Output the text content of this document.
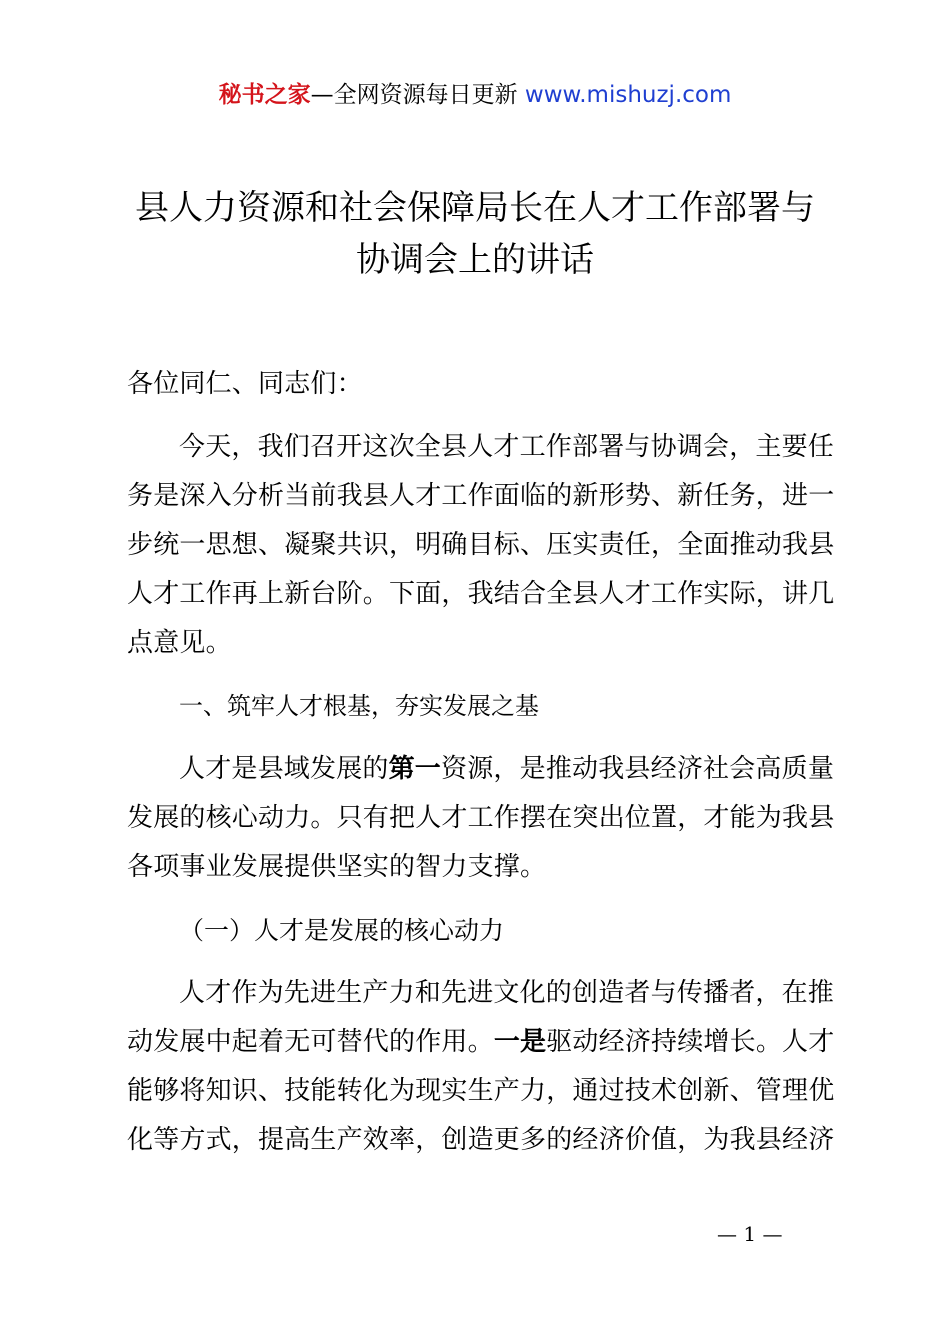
秘书之家—全网资源每日更新 www.mishuzj.com
县人力资源和社会保障局长在人才工作部署与
协调会上的讲话

各位同仁、同志们：

今天，我们召开这次全县人才工作部署与协调会，主要任务是深入分析当前我县人才工作面临的新形势、新任务，进一步统一思想、凝聚共识，明确目标、压实责任，全面推动我县人才工作再上新台阶。下面，我结合全县人才工作实际，讲几点意见。

一、筑牢人才根基，夯实发展之基

人才是县域发展的第一资源，是推动我县经济社会高质量发展的核心动力。只有把人才工作摆在突出位置，才能为我县各项事业发展提供坚实的智力支撑。

（一）人才是发展的核心动力

人才作为先进生产力和先进文化的创造者与传播者，在推动发展中起着无可替代的作用。一是驱动经济持续增长。人才能够将知识、技能转化为现实生产力，通过技术创新、管理优化等方式，提高生产效率，创造更多的经济价值，为我县经济

— 1 —
